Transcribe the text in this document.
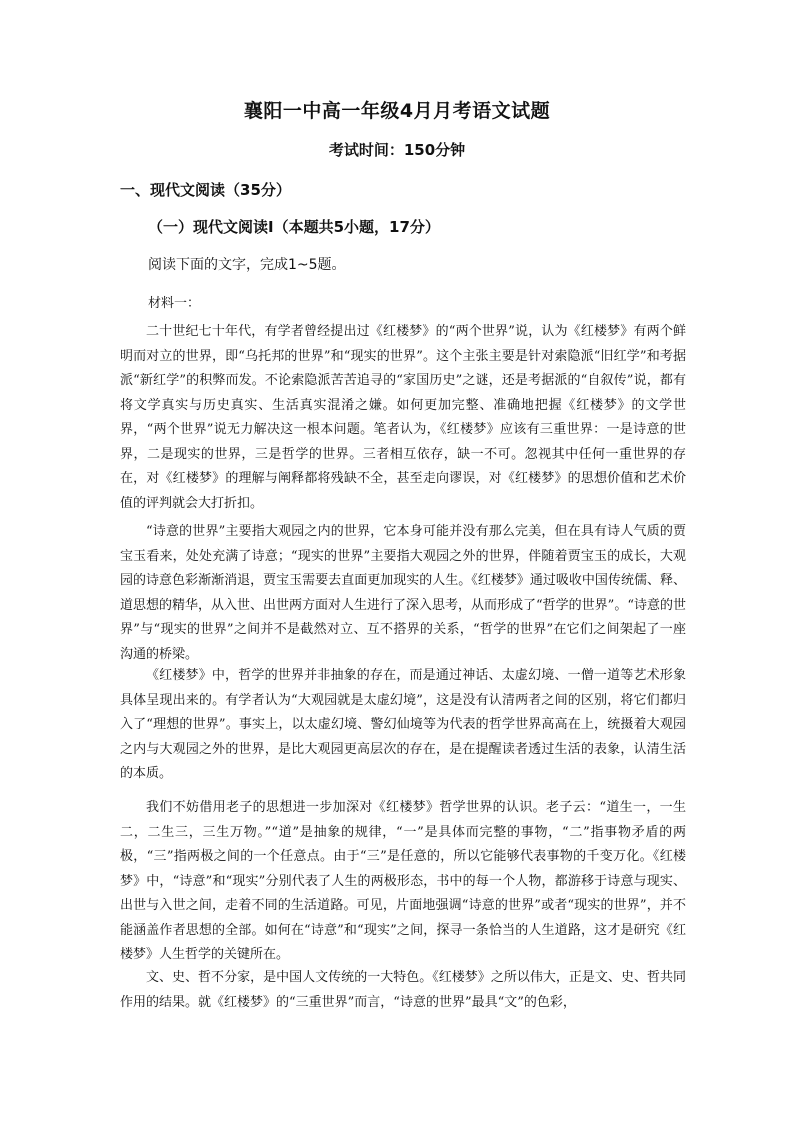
襄阳一中高一年级4月月考语文试题
考试时间：150分钟
一、现代文阅读（35分）
（一）现代文阅读Ⅰ（本题共5小题，17分）
阅读下面的文字，完成1~5题。
材料一：

二十世纪七十年代，有学者曾经提出过《红楼梦》的“两个世界”说，认为《红楼梦》有两个鲜明而对立的世界，即“乌托邦的世界”和“现实的世界”。这个主张主要是针对索隐派“旧红学”和考据派“新红学”的积弊而发。不论索隐派苦苦追寻的“家国历史”之谜，还是考据派的“自叙传”说，都有将文学真实与历史真实、生活真实混淆之嫌。如何更加完整、准确地把握《红楼梦》的文学世界，“两个世界”说无力解决这一根本问题。笔者认为，《红楼梦》应该有三重世界：一是诗意的世界，二是现实的世界，三是哲学的世界。三者相互依存，缺一不可。忽视其中任何一重世界的存在，对《红楼梦》的理解与阐释都将残缺不全，甚至走向谬误，对《红楼梦》的思想价值和艺术价值的评判就会大打折扣。

“诗意的世界”主要指大观园之内的世界，它本身可能并没有那么完美，但在具有诗人气质的贾宝玉看来，处处充满了诗意；“现实的世界”主要指大观园之外的世界，伴随着贾宝玉的成长，大观园的诗意色彩渐渐消退，贾宝玉需要去直面更加现实的人生。《红楼梦》通过吸收中国传统儒、释、道思想的精华，从入世、出世两方面对人生进行了深入思考，从而形成了“哲学的世界”。“诗意的世界”与“现实的世界”之间并不是截然对立、互不搭界的关系，“哲学的世界”在它们之间架起了一座沟通的桥梁。

《红楼梦》中，哲学的世界并非抽象的存在，而是通过神话、太虚幻境、一僧一道等艺术形象具体呈现出来的。有学者认为“大观园就是太虚幻境”，这是没有认清两者之间的区别，将它们都归入了“理想的世界”。事实上，以太虚幻境、警幻仙境等为代表的哲学世界高高在上，统摄着大观园之内与大观园之外的世界，是比大观园更高层次的存在，是在提醒读者透过生活的表象，认清生活的本质。

我们不妨借用老子的思想进一步加深对《红楼梦》哲学世界的认识。老子云：“道生一，一生二，二生三，三生万物。”“道”是抽象的规律，“一”是具体而完整的事物，“二”指事物矛盾的两极，“三”指两极之间的一个任意点。由于“三”是任意的，所以它能够代表事物的千变万化。《红楼梦》中，“诗意”和“现实”分别代表了人生的两极形态，书中的每一个人物，都游移于诗意与现实、出世与入世之间，走着不同的生活道路。可见，片面地强调“诗意的世界”或者“现实的世界”，并不能涵盖作者思想的全部。如何在“诗意”和“现实”之间，探寻一条恰当的人生道路，这才是研究《红楼梦》人生哲学的关键所在。

文、史、哲不分家，是中国人文传统的一大特色。《红楼梦》之所以伟大，正是文、史、哲共同作用的结果。就《红楼梦》的“三重世界”而言，“诗意的世界”最具“文”的色彩，
